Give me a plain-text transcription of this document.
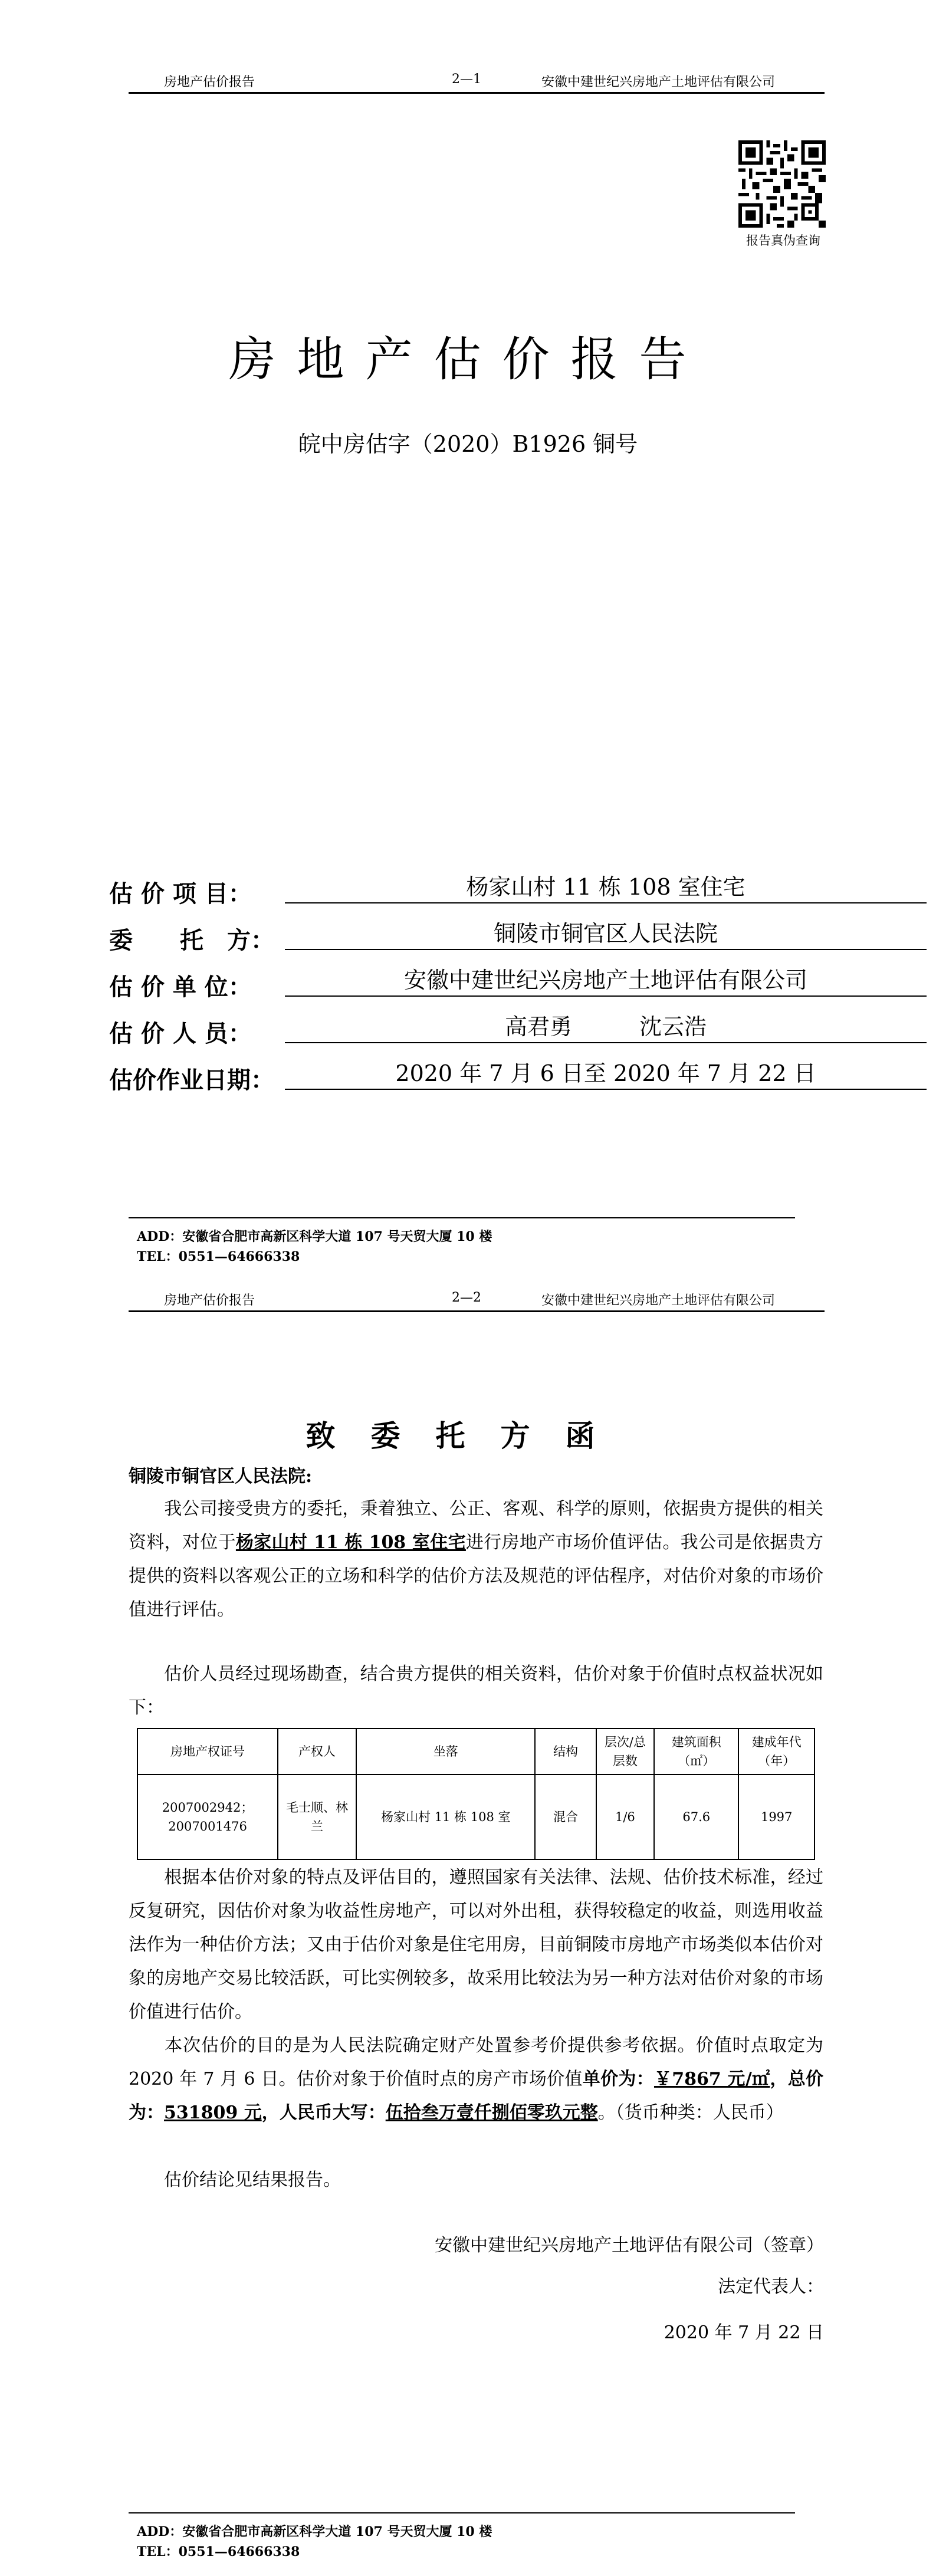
房地产估价报告	2—1	安徽中建世纪兴房地产土地评估有限公司
报告真伪查询
房地产估价报告
皖中房估字（2020）B1926 铜号
估 价 项 目：	杨家山村 11 栋 108 室住宅
委　　托　方：	铜陵市铜官区人民法院
估 价 单 位：	安徽中建世纪兴房地产土地评估有限公司
估 价 人 员：	高君勇　　　沈云浩
估价作业日期：	2020 年 7 月 6 日至 2020 年 7 月 22 日
ADD：安徽省合肥市高新区科学大道 107 号天贸大厦 10 楼
TEL：0551—64666338
房地产估价报告	2—2	安徽中建世纪兴房地产土地评估有限公司
致委托方函
铜陵市铜官区人民法院:
我公司接受贵方的委托，秉着独立、公正、客观、科学的原则，依据贵方提供的相关资料，对位于杨家山村 11 栋 108 室住宅进行房地产市场价值评估。我公司是依据贵方提供的资料以客观公正的立场和科学的估价方法及规范的评估程序，对估价对象的市场价值进行评估。
估价人员经过现场勘查，结合贵方提供的相关资料，估价对象于价值时点权益状况如下：
房地产权证号	产权人	坐落	结构	层次/总层数	建筑面积（㎡）	建成年代（年）
2007002942；2007001476	毛士顺、林兰	杨家山村 11 栋 108 室	混合	1/6	67.6	1997
根据本估价对象的特点及评估目的，遵照国家有关法律、法规、估价技术标准，经过反复研究，因估价对象为收益性房地产，可以对外出租，获得较稳定的收益，则选用收益法作为一种估价方法；又由于估价对象是住宅用房，目前铜陵市房地产市场类似本估价对象的房地产交易比较活跃，可比实例较多，故采用比较法为另一种方法对估价对象的市场价值进行估价。
本次估价的目的是为人民法院确定财产处置参考价提供参考依据。价值时点取定为 2020 年 7 月 6 日。估价对象于价值时点的房产市场价值单价为：￥7867 元/㎡，总价为：531809 元，人民币大写：伍拾叁万壹仟捌佰零玖元整。（货币种类：人民币）
估价结论见结果报告。
安徽中建世纪兴房地产土地评估有限公司（签章）
法定代表人：
2020 年 7 月 22 日
ADD：安徽省合肥市高新区科学大道 107 号天贸大厦 10 楼
TEL：0551—64666338
